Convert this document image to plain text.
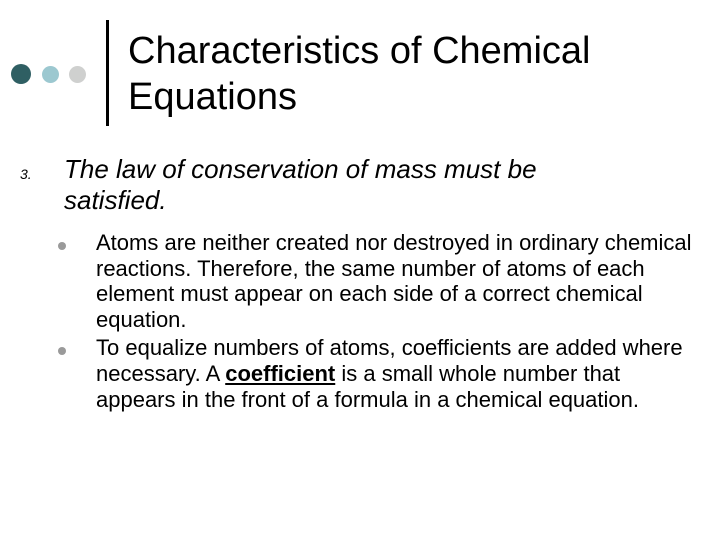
Characteristics of Chemical
Equations
3. The law of conservation of mass must be
satisfied.
Atoms are neither created nor destroyed in ordinary chemical reactions. Therefore, the same number of atoms of each element must appear on each side of a correct chemical equation.
To equalize numbers of atoms, coefficients are added where necessary. A coefficient is a small whole number that appears in the front of a formula in a chemical equation.
